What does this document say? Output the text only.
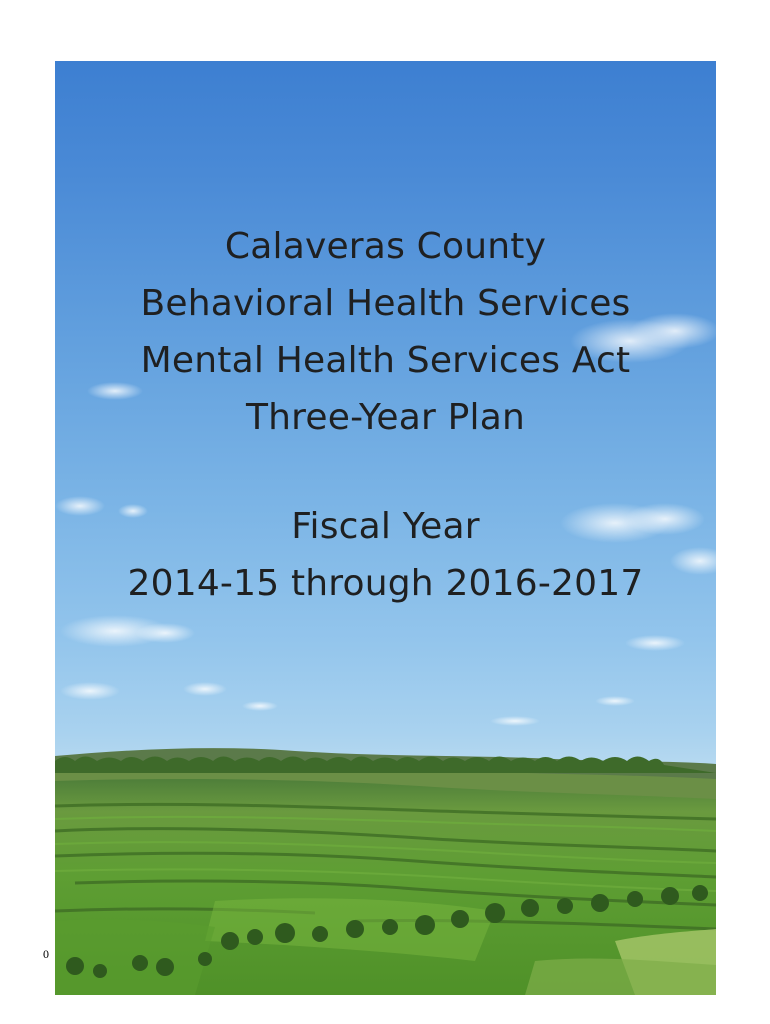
Calaveras County
Behavioral Health Services
Mental Health Services Act
Three-Year Plan
Fiscal Year
2014-15 through 2016-2017
0
